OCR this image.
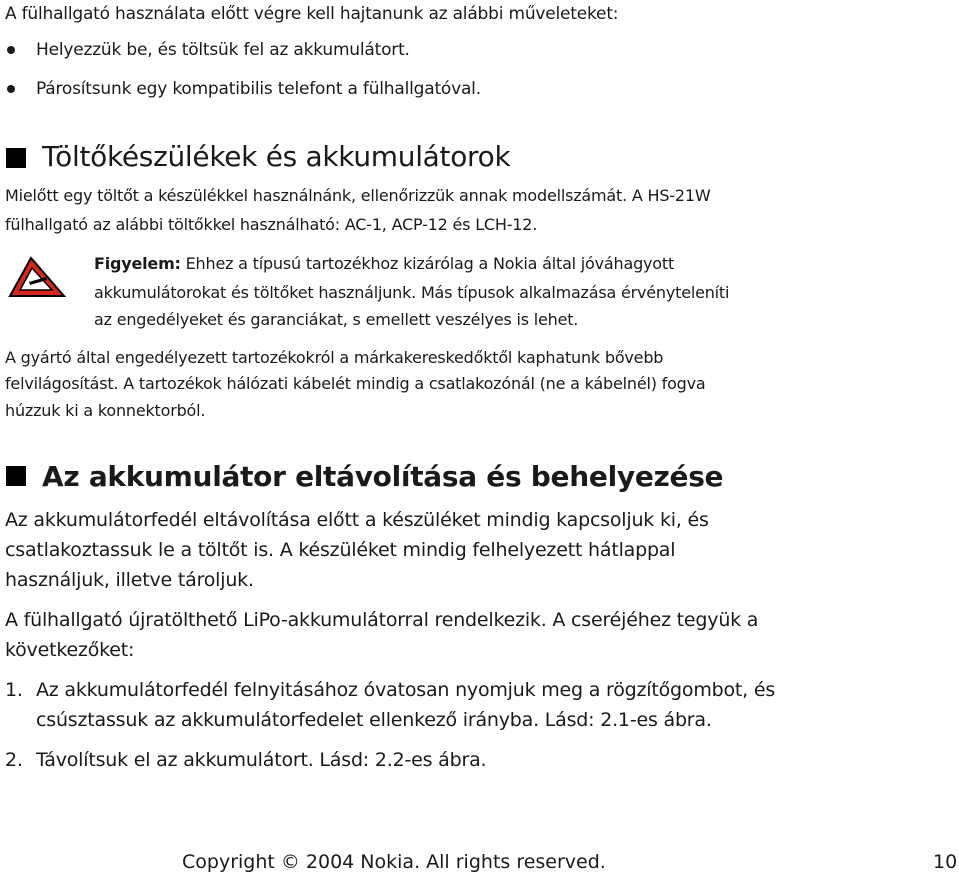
A fülhallgató használata előtt végre kell hajtanunk az alábbi műveleteket:
Helyezzük be, és töltsük fel az akkumulátort.
Párosítsunk egy kompatibilis telefont a fülhallgatóval.
Töltőkészülékek és akkumulátorok
Mielőtt egy töltőt a készülékkel használnánk, ellenőrizzük annak modellszámát. A HS-21W
fülhallgató az alábbi töltőkkel használható: AC-1, ACP-12 és LCH-12.
Figyelem: Ehhez a típusú tartozékhoz kizárólag a Nokia által jóváhagyott
akkumulátorokat és töltőket használjunk. Más típusok alkalmazása érvényteleníti
az engedélyeket és garanciákat, s emellett veszélyes is lehet.
A gyártó által engedélyezett tartozékokról a márkakereskedőktől kaphatunk bővebb
felvilágosítást. A tartozékok hálózati kábelét mindig a csatlakozónál (ne a kábelnél) fogva
húzzuk ki a konnektorból.
Az akkumulátor eltávolítása és behelyezése
Az akkumulátorfedél eltávolítása előtt a készüléket mindig kapcsoljuk ki, és
csatlakoztassuk le a töltőt is. A készüléket mindig felhelyezett hátlappal
használjuk, illetve tároljuk.
A fülhallgató újratölthető LiPo-akkumulátorral rendelkezik. A cseréjéhez tegyük a
következőket:
1. Az akkumulátorfedél felnyitásához óvatosan nyomjuk meg a rögzítőgombot, és
csúsztassuk az akkumulátorfedelet ellenkező irányba. Lásd: 2.1-es ábra.
2. Távolítsuk el az akkumulátort. Lásd: 2.2-es ábra.
Copyright © 2004 Nokia. All rights reserved.	10
